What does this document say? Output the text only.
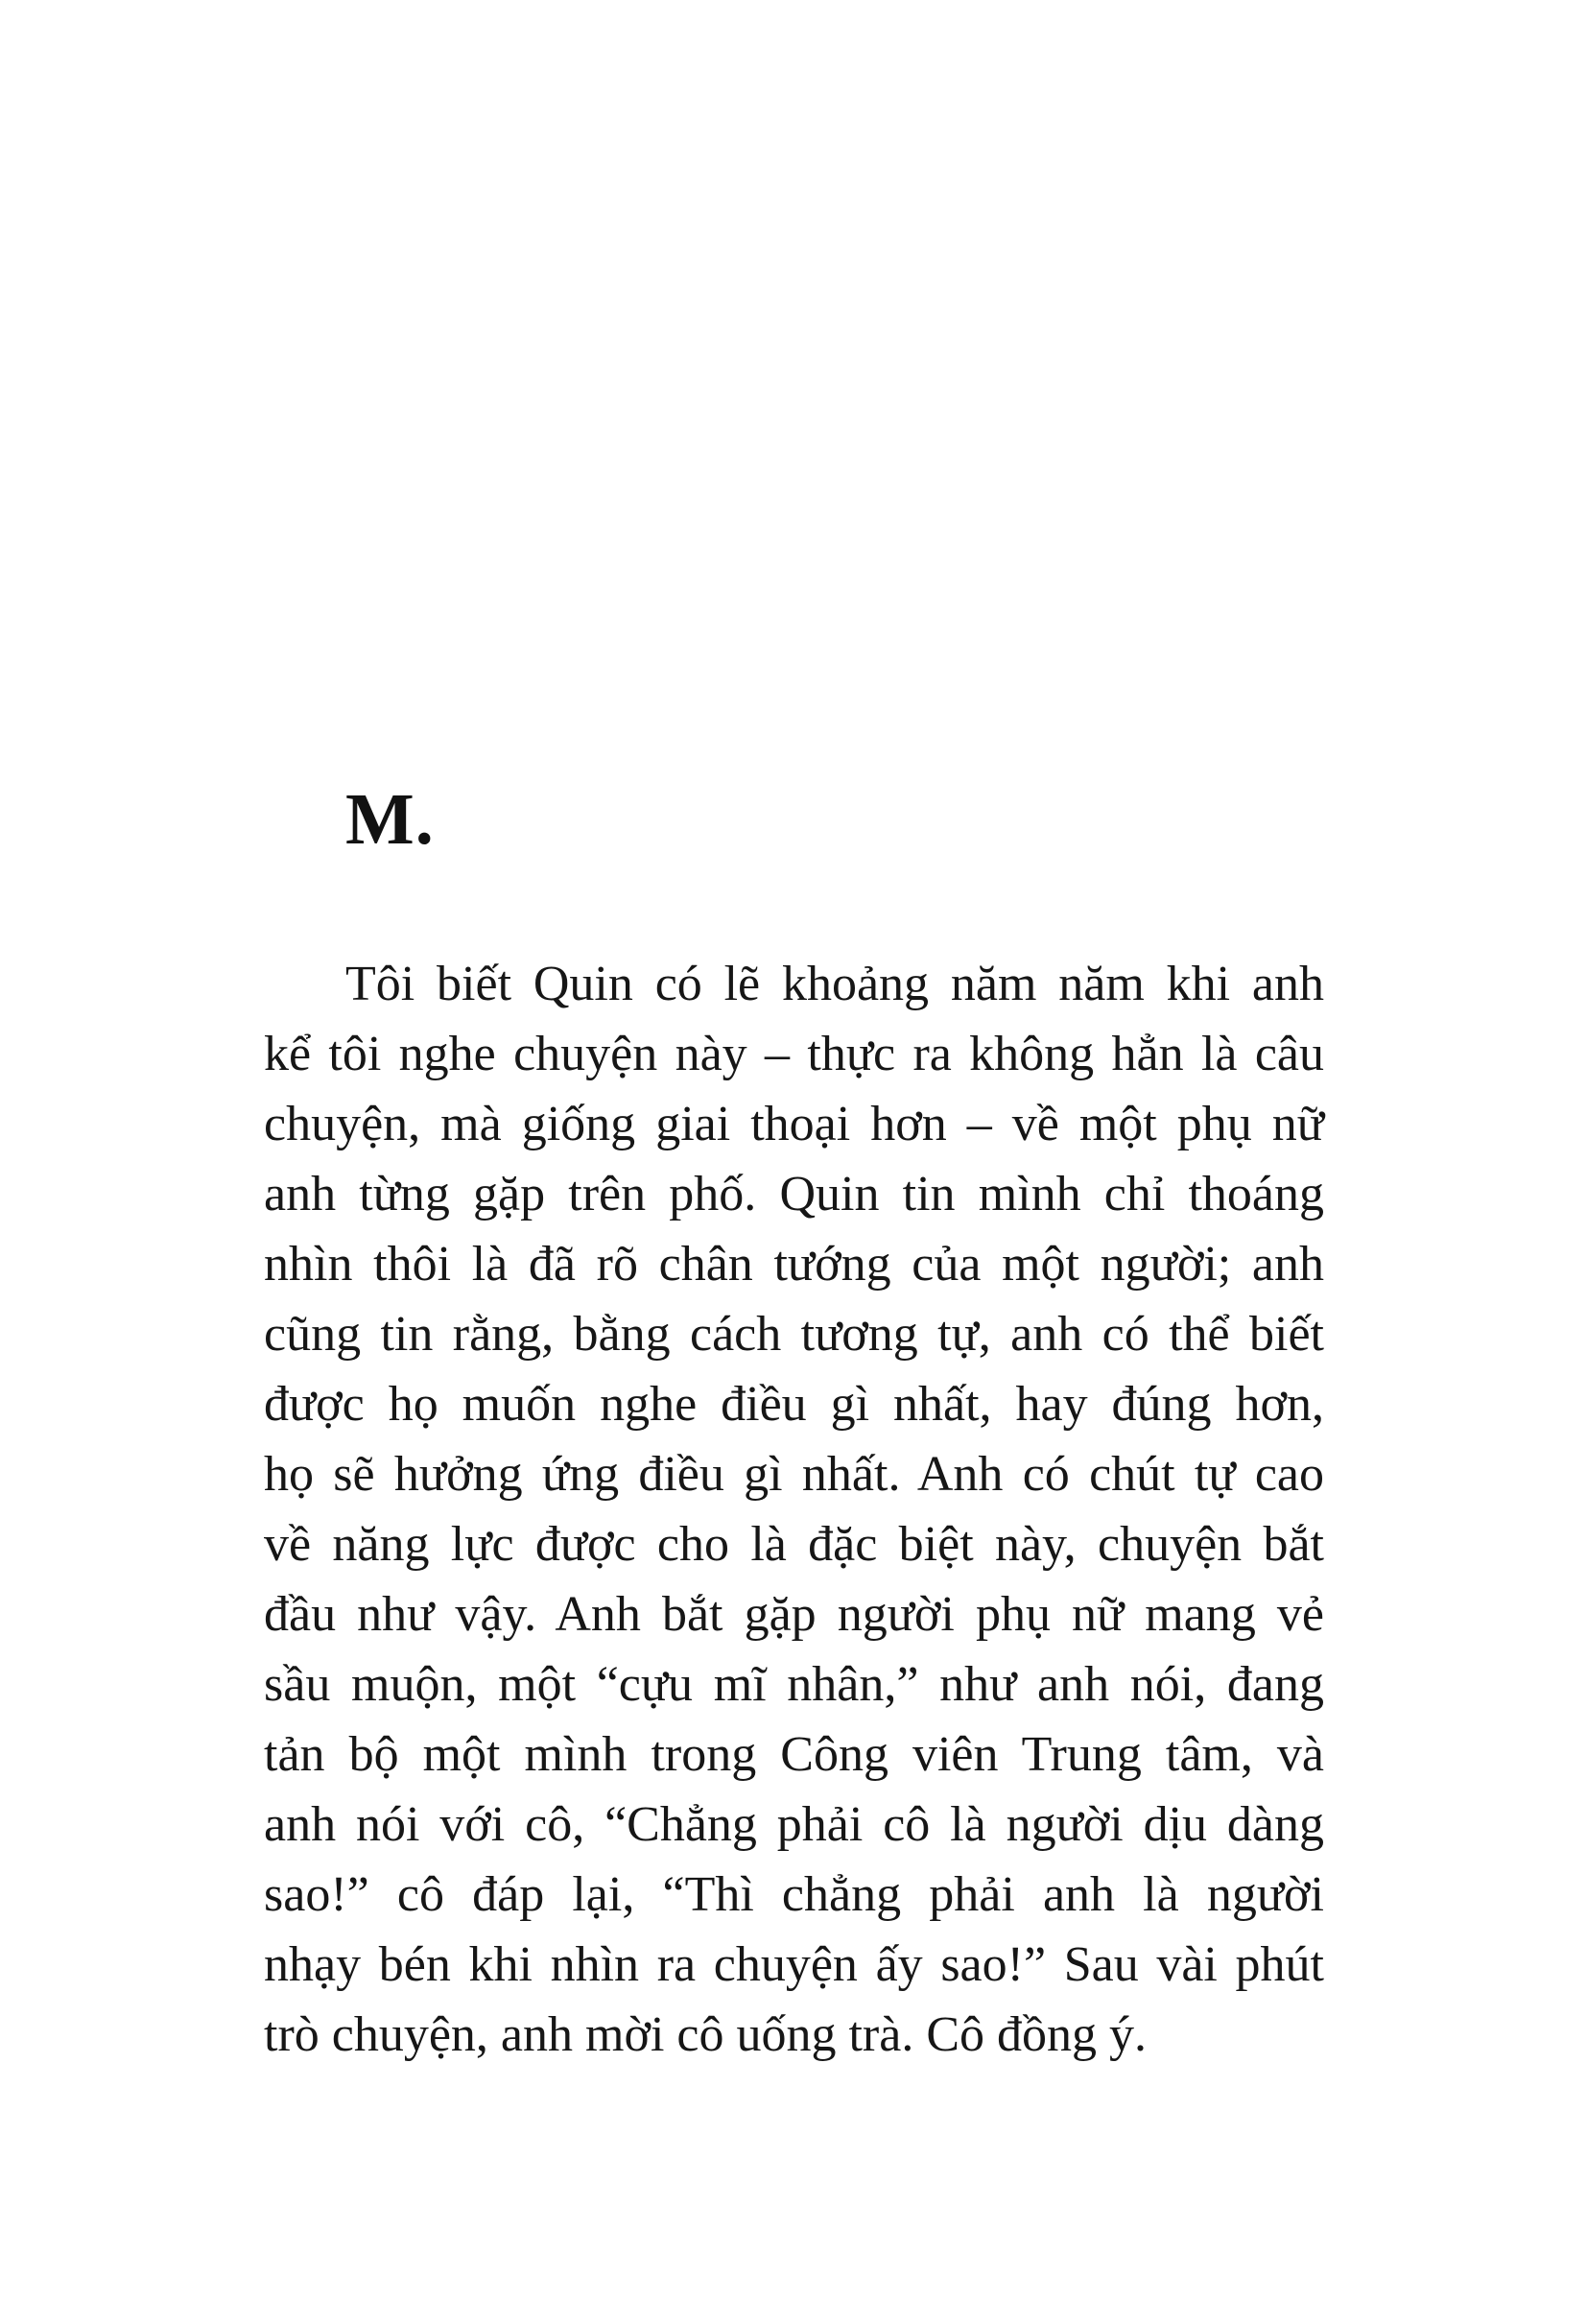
M.
Tôi biết Quin có lẽ khoảng năm năm khi anh
kể tôi nghe chuyện này – thực ra không hẳn là câu
chuyện, mà giống giai thoại hơn – về một phụ nữ
anh từng gặp trên phố. Quin tin mình chỉ thoáng
nhìn thôi là đã rõ chân tướng của một người; anh
cũng tin rằng, bằng cách tương tự, anh có thể biết
được họ muốn nghe điều gì nhất, hay đúng hơn,
họ sẽ hưởng ứng điều gì nhất. Anh có chút tự cao
về năng lực được cho là đặc biệt này, chuyện bắt
đầu như vậy. Anh bắt gặp người phụ nữ mang vẻ
sầu muộn, một “cựu mĩ nhân,” như anh nói, đang
tản bộ một mình trong Công viên Trung tâm, và
anh nói với cô, “Chẳng phải cô là người dịu dàng
sao!” cô đáp lại, “Thì chẳng phải anh là người
nhạy bén khi nhìn ra chuyện ấy sao!” Sau vài phút
trò chuyện, anh mời cô uống trà. Cô đồng ý.
